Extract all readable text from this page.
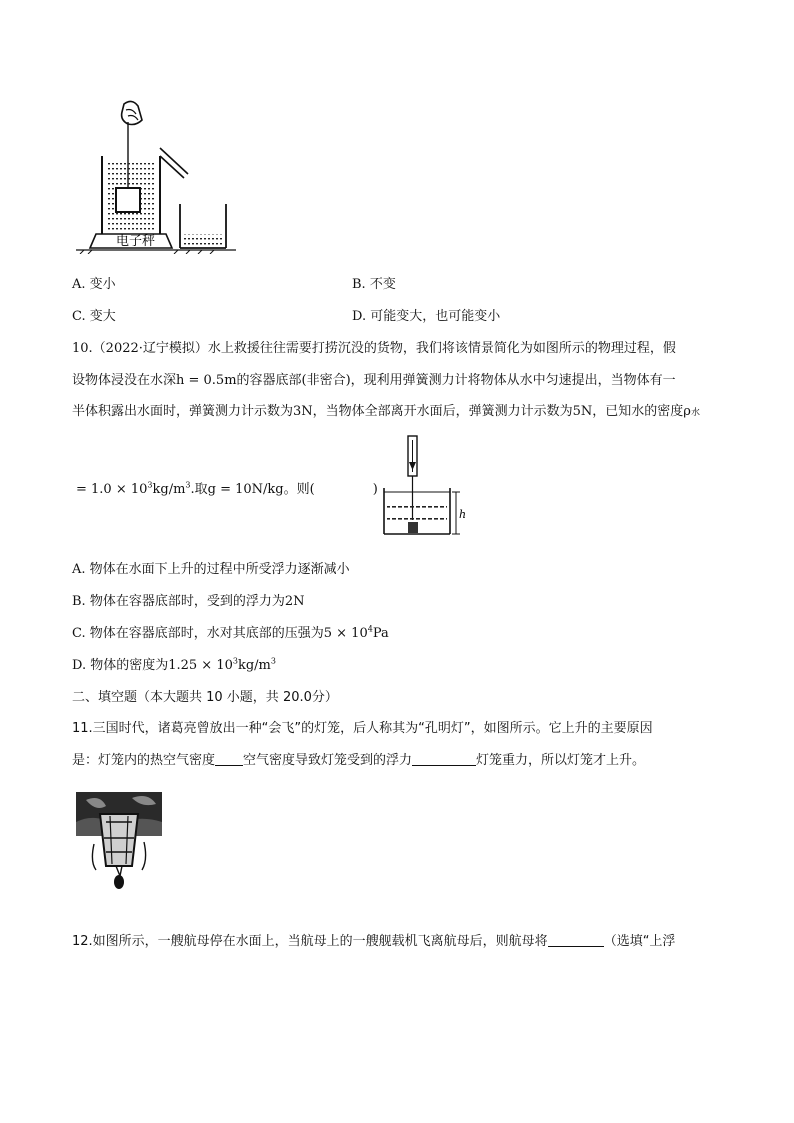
电子秤
A. 变小	B. 不变
C. 变大	D. 可能变大，也可能变小
10.（2022·辽宁模拟）水上救援往往需要打捞沉没的货物，我们将该情景简化为如图所示的物理过程，假
设物体浸没在水深h = 0.5m的容器底部(非密合)，现利用弹簧测力计将物体从水中匀速提出，当物体有一
半体积露出水面时，弹簧测力计示数为3N，当物体全部离开水面后，弹簧测力计示数为5N，已知水的密度ρ水
= $1.0 \times 10^3kg/m^3$.取g = 10N/kg。则(	)
h
A. 物体在水面下上升的过程中所受浮力逐渐减小
B. 物体在容器底部时，受到的浮力为2N
C. 物体在容器底部时，水对其底部的压强为$5 \times 10^4Pa$
D. 物体的密度为$1.25 \times 10^3kg/m^3$
二、填空题（本大题共 10 小题，共 20.0分）
11.三国时代，诸葛亮曾放出一种“会飞”的灯笼，后人称其为“孔明灯”，如图所示。它上升的主要原因
是：灯笼内的热空气密度 空气密度导致灯笼受到的浮力	灯笼重力，所以灯笼才上升。
12.如图所示，一艘航母停在水面上，当航母上的一艘舰载机飞离航母后，则航母将	（选填“上浮
